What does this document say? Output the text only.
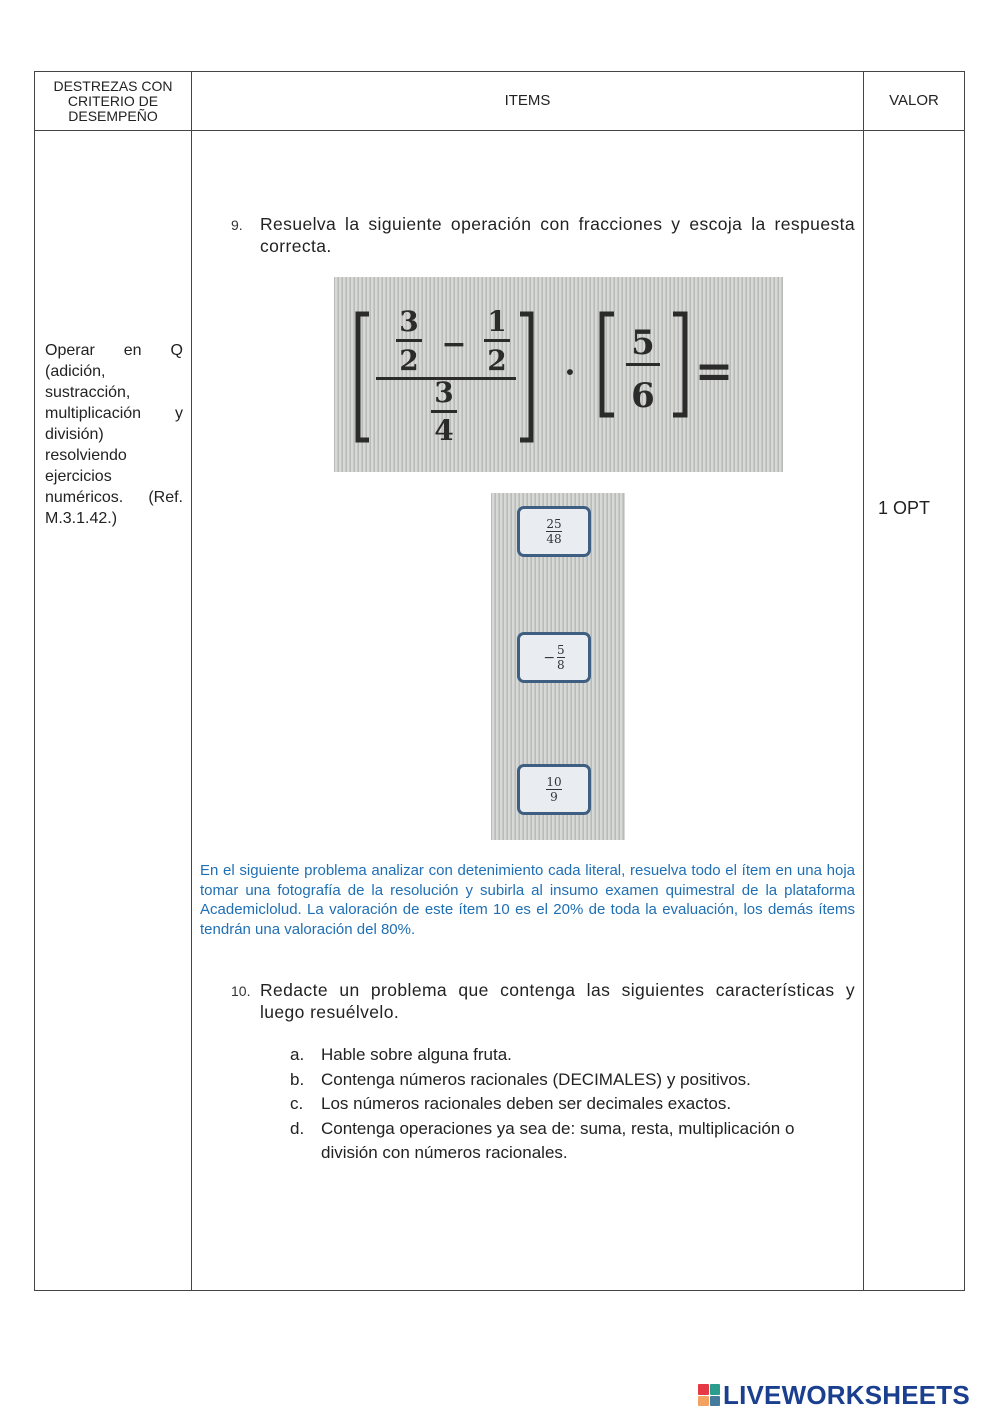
DESTREZAS CON CRITERIO DE DESEMPEÑO
ITEMS	VALOR
Operar en Q (adición, sustracción, multiplicación y división) resolviendo ejercicios numéricos. (Ref. M.3.1.42.)
1 OPT
9. Resuelva la siguiente operación con fracciones y escoja la respuesta correcta.
3
2 −
1
2
3
4
·
5
6 =
$\frac{25}{48}$
− $\frac{5}{8}$
$\frac{10}{9}$
En el siguiente problema analizar con detenimiento cada literal, resuelva todo el ítem en una hoja tomar una fotografía de la resolución y subirla al insumo examen quimestral de la plataforma Academiclolud. La valoración de este ítem 10 es el 20% de toda la evaluación, los demás ítems tendrán una valoración del 80%.
10. Redacte un problema que contenga las siguientes características y luego resuélvelo.
a. Hable sobre alguna fruta.
b. Contenga números racionales (DECIMALES) y positivos.
c. Los números racionales deben ser decimales exactos.
d. Contenga operaciones ya sea de: suma, resta, multiplicación o división con números racionales.
LIVEWORKSHEETS
